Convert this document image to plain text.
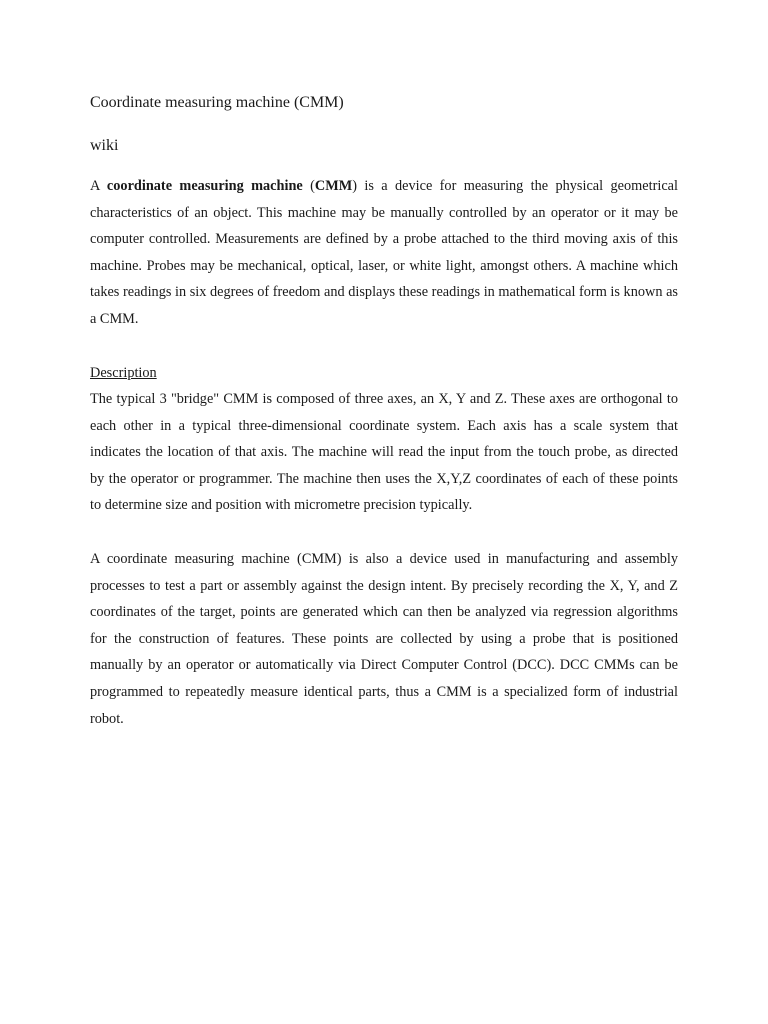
Coordinate measuring machine (CMM)
wiki

A coordinate measuring machine (CMM) is a device for measuring the physical geometrical characteristics of an object. This machine may be manually controlled by an operator or it may be computer controlled. Measurements are defined by a probe attached to the third moving axis of this machine. Probes may be mechanical, optical, laser, or white light, amongst others. A machine which takes readings in six degrees of freedom and displays these readings in mathematical form is known as a CMM.

Description

The typical 3 "bridge" CMM is composed of three axes, an X, Y and Z. These axes are orthogonal to each other in a typical three-dimensional coordinate system. Each axis has a scale system that indicates the location of that axis. The machine will read the input from the touch probe, as directed by the operator or programmer. The machine then uses the X,Y,Z coordinates of each of these points to determine size and position with micrometre precision typically.

A coordinate measuring machine (CMM) is also a device used in manufacturing and assembly processes to test a part or assembly against the design intent. By precisely recording the X, Y, and Z coordinates of the target, points are generated which can then be analyzed via regression algorithms for the construction of features. These points are collected by using a probe that is positioned manually by an operator or automatically via Direct Computer Control (DCC). DCC CMMs can be programmed to repeatedly measure identical parts, thus a CMM is a specialized form of industrial robot.
